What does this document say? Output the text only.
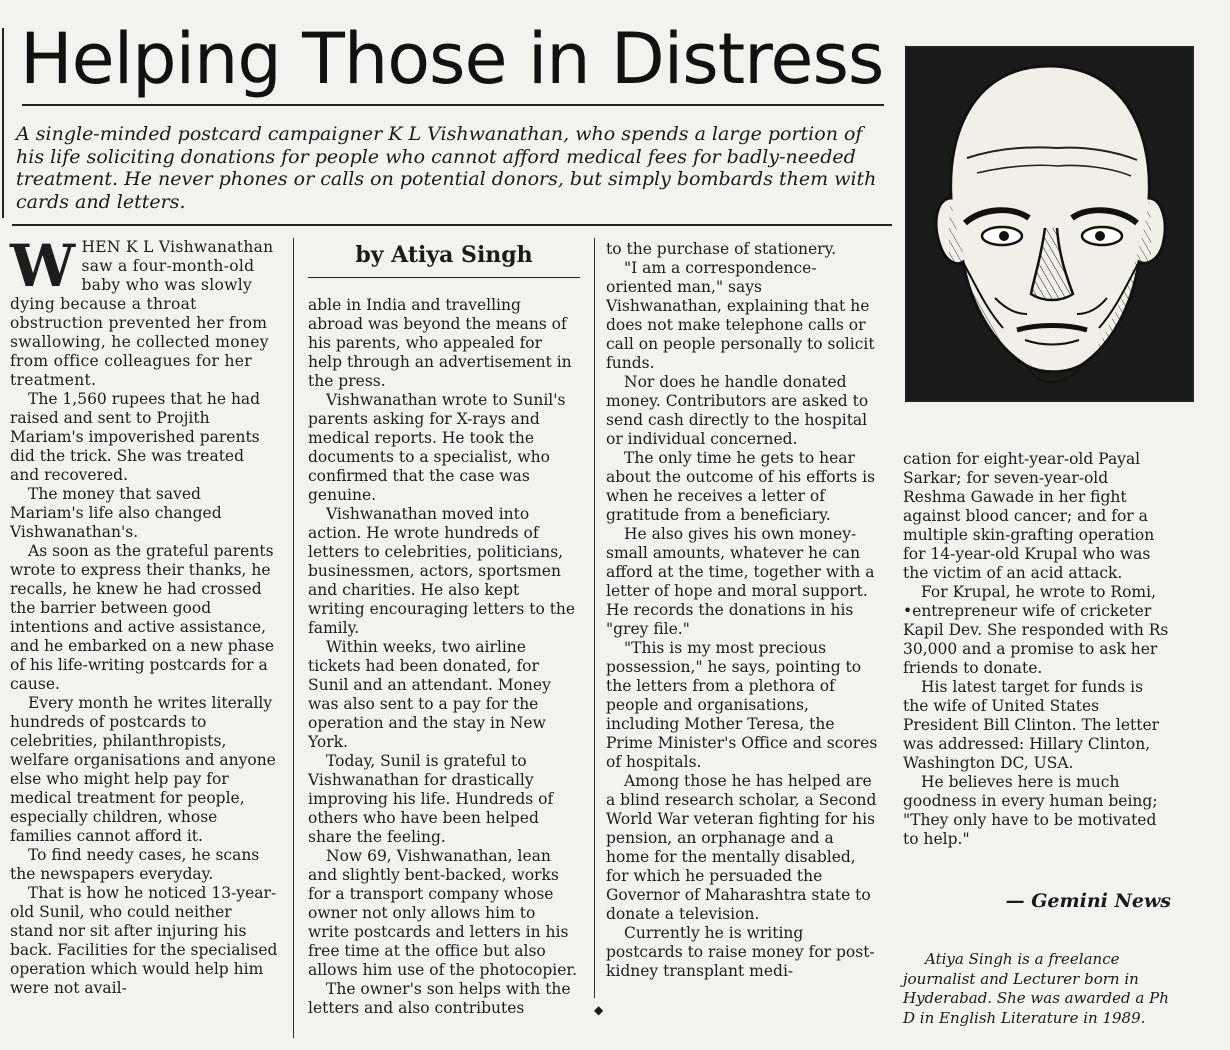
Helping Those in Distress

A single-minded postcard campaigner K L Vishwanathan, who spends a large portion of his life soliciting donations for people who cannot afford medical fees for badly-needed treatment. He never phones or calls on potential donors, but simply bombards them with cards and letters.

WHEN K L Vishwanathan saw a four-month-old baby who was slowly dying because a throat obstruction prevented her from swallowing, he collected money from office colleagues for her treatment.

The 1,560 rupees that he had raised and sent to Projith Mariam's impoverished parents did the trick. She was treated and recovered.

The money that saved Mariam's life also changed Vishwanathan's.

As soon as the grateful parents wrote to express their thanks, he recalls, he knew he had crossed the barrier between good intentions and active assistance, and he embarked on a new phase of his life-writing postcards for a cause.

Every month he writes literally hundreds of postcards to celebrities, philanthropists, welfare organisations and anyone else who might help pay for medical treatment for people, especially children, whose families cannot afford it.

To find needy cases, he scans the newspapers everyday.

That is how he noticed 13-year-old Sunil, who could neither stand nor sit after injuring his back. Facilities for the specialised operation which would help him were not avail-

by Atiya Singh

able in India and travelling abroad was beyond the means of his parents, who appealed for help through an advertisement in the press.

Vishwanathan wrote to Sunil's parents asking for X-rays and medical reports. He took the documents to a specialist, who confirmed that the case was genuine.

Vishwanathan moved into action. He wrote hundreds of letters to celebrities, politicians, businessmen, actors, sportsmen and charities. He also kept writing encouraging letters to the family.

Within weeks, two airline tickets had been donated, for Sunil and an attendant. Money was also sent to a pay for the operation and the stay in New York.

Today, Sunil is grateful to Vishwanathan for drastically improving his life. Hundreds of others who have been helped share the feeling.

Now 69, Vishwanathan, lean and slightly bent-backed, works for a transport company whose owner not only allows him to write postcards and letters in his free time at the office but also allows him use of the photocopier.

The owner's son helps with the letters and also contributes	◆

to the purchase of stationery.

"I am a correspondence-oriented man," says Vishwanathan, explaining that he does not make telephone calls or call on people personally to solicit funds.

Nor does he handle donated money. Contributors are asked to send cash directly to the hospital or individual concerned.

The only time he gets to hear about the outcome of his efforts is when he receives a letter of gratitude from a beneficiary.

He also gives his own money-small amounts, whatever he can afford at the time, together with a letter of hope and moral support. He records the donations in his "grey file."

"This is my most precious possession," he says, pointing to the letters from a plethora of people and organisations, including Mother Teresa, the Prime Minister's Office and scores of hospitals.

Among those he has helped are a blind research scholar, a Second World War veteran fighting for his pension, an orphanage and a home for the mentally disabled, for which he persuaded the Governor of Maharashtra state to donate a television.

Currently he is writing postcards to raise money for post-kidney transplant medi-

cation for eight-year-old Payal Sarkar; for seven-year-old Reshma Gawade in her fight against blood cancer; and for a multiple skin-grafting operation for 14-year-old Krupal who was the victim of an acid attack.

For Krupal, he wrote to Romi, •entrepreneur wife of cricketer Kapil Dev. She responded with Rs 30,000 and a promise to ask her friends to donate.

His latest target for funds is the wife of United States President Bill Clinton. The letter was addressed: Hillary Clinton, Washington DC, USA.

He believes here is much goodness in every human being; "They only have to be motivated to help."

— Gemini News

Atiya Singh is a freelance journalist and Lecturer born in Hyderabad. She was awarded a Ph D in English Literature in 1989.
